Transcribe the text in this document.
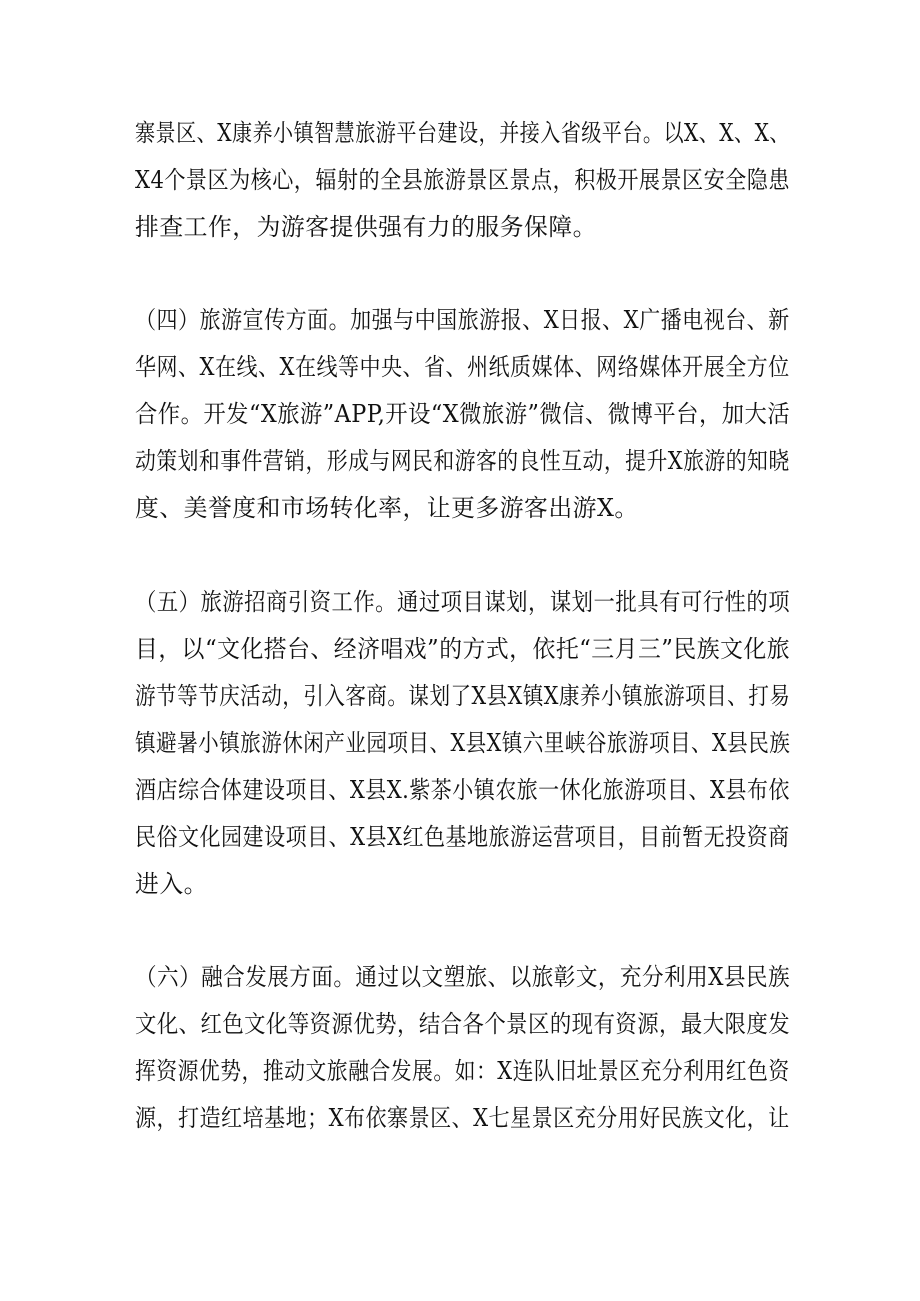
寨景区、X康养小镇智慧旅游平台建设，并接入省级平台。以X、X、X、
X4个景区为核心，辐射的全县旅游景区景点，积极开展景区安全隐患
排查工作，为游客提供强有力的服务保障。
（四）旅游宣传方面。加强与中国旅游报、X日报、X广播电视台、新
华网、X在线、X在线等中央、省、州纸质媒体、网络媒体开展全方位
合作。开发“X旅游”APP,开设“X微旅游”微信、微博平台，加大活
动策划和事件营销，形成与网民和游客的良性互动，提升X旅游的知晓
度、美誉度和市场转化率，让更多游客出游X。
（五）旅游招商引资工作。通过项目谋划，谋划一批具有可行性的项
目，以“文化搭台、经济唱戏”的方式，依托“三月三”民族文化旅
游节等节庆活动，引入客商。谋划了X县X镇X康养小镇旅游项目、打易
镇避暑小镇旅游休闲产业园项目、X县X镇六里峡谷旅游项目、X县民族
酒店综合体建设项目、X县X.紫茶小镇农旅一休化旅游项目、X县布依
民俗文化园建设项目、X县X红色基地旅游运营项目，目前暂无投资商
进入。
（六）融合发展方面。通过以文塑旅、以旅彰文，充分利用X县民族
文化、红色文化等资源优势，结合各个景区的现有资源，最大限度发
挥资源优势，推动文旅融合发展。如：X连队旧址景区充分利用红色资
源，打造红培基地；X布依寨景区、X七星景区充分用好民族文化，让
